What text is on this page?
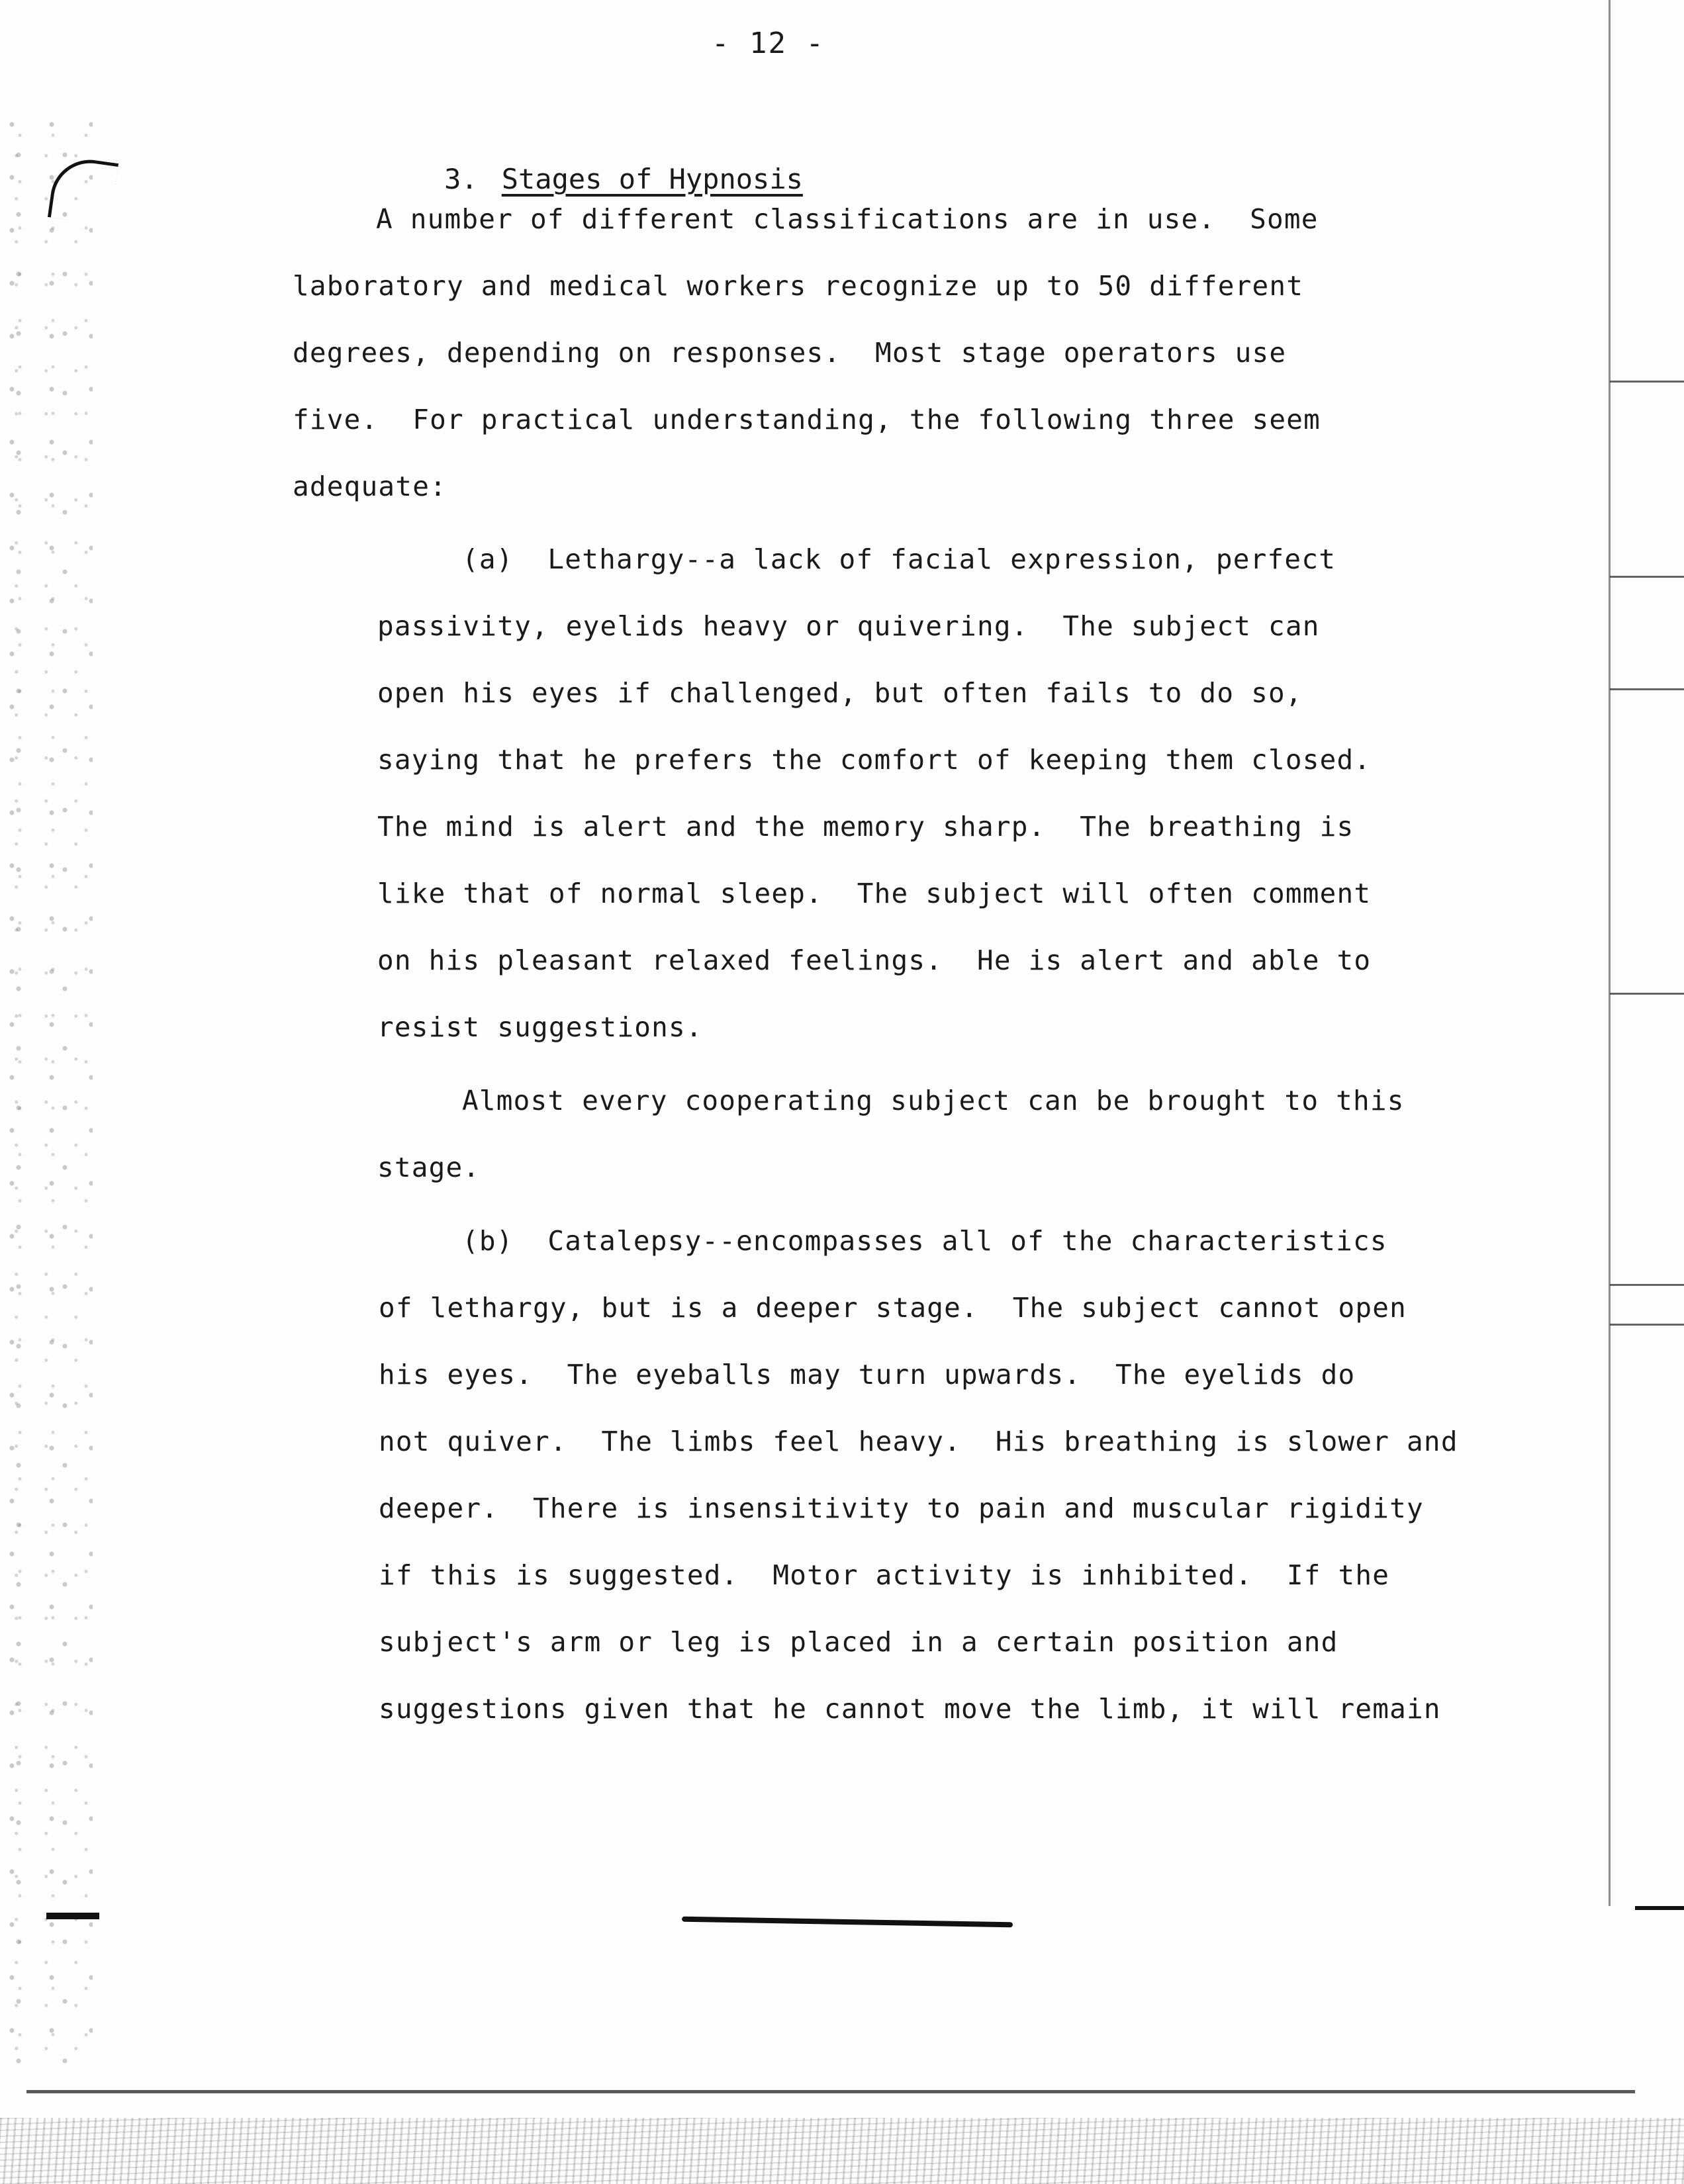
- 12 -

3. Stages of Hypnosis

A number of different classifications are in use.  Some
laboratory and medical workers recognize up to 50 different
degrees, depending on responses.  Most stage operators use
five.  For practical understanding, the following three seem
adequate:
(a)  Lethargy--a lack of facial expression, perfect
passivity, eyelids heavy or quivering.  The subject can
open his eyes if challenged, but often fails to do so,
saying that he prefers the comfort of keeping them closed.
The mind is alert and the memory sharp.  The breathing is
like that of normal sleep.  The subject will often comment
on his pleasant relaxed feelings.  He is alert and able to
resist suggestions.
Almost every cooperating subject can be brought to this
stage.
(b)  Catalepsy--encompasses all of the characteristics
of lethargy, but is a deeper stage.  The subject cannot open
his eyes.  The eyeballs may turn upwards.  The eyelids do
not quiver.  The limbs feel heavy.  His breathing is slower and
deeper.  There is insensitivity to pain and muscular rigidity
if this is suggested.  Motor activity is inhibited.  If the
subject's arm or leg is placed in a certain position and
suggestions given that he cannot move the limb, it will remain
